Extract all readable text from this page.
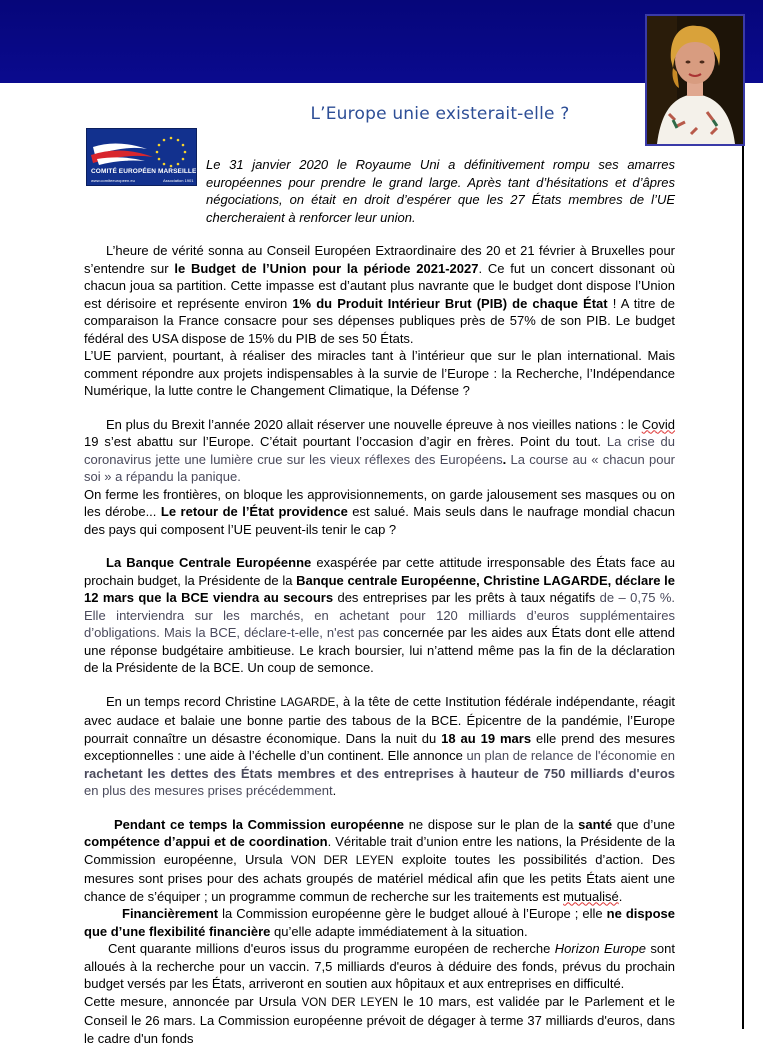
L’Europe unie existerait-elle ?
COMITÉ EUROPÉEN MARSEILLE
www.comiteeuropeen.eu	Association 1901

Le 31 janvier 2020 le Royaume Uni a définitivement rompu ses amarres européennes pour prendre le grand large. Après tant d’hésitations et d’âpres négociations, on était en droit d’espérer que les 27 États membres de l’UE chercheraient à renforcer leur union.

L’heure de vérité sonna au Conseil Européen Extraordinaire des 20 et 21 février à Bruxelles pour s’entendre sur le Budget de l’Union pour la période 2021-2027. Ce fut un concert dissonant où chacun joua sa partition. Cette impasse est d’autant plus navrante que le budget dont dispose l’Union est dérisoire et représente environ 1% du Produit Intérieur Brut (PIB) de chaque État ! A titre de comparaison la France consacre pour ses dépenses publiques près de 57% de son PIB. Le budget fédéral des USA dispose de 15% du PIB de ses 50 États.

L’UE parvient, pourtant, à réaliser des miracles tant à l’intérieur que sur le plan international. Mais comment répondre aux projets indispensables à la survie de l’Europe : la Recherche, l’Indépendance Numérique, la lutte contre le Changement Climatique, la Défense ?

En plus du Brexit l’année 2020 allait réserver une nouvelle épreuve à nos vieilles nations : le Covid 19 s’est abattu sur l’Europe. C’était pourtant l’occasion d’agir en frères. Point du tout. La crise du coronavirus jette une lumière crue sur les vieux réflexes des Européens. La course au « chacun pour soi » a répandu la panique.

On ferme les frontières, on bloque les approvisionnements, on garde jalousement ses masques ou on les dérobe... Le retour de l’État providence est salué. Mais seuls dans le naufrage mondial chacun des pays qui composent l’UE peuvent-ils tenir le cap ?

La Banque Centrale Européenne exaspérée par cette attitude irresponsable des États face au prochain budget, la Présidente de la Banque centrale Européenne, Christine LAGARDE, déclare le 12 mars que la BCE viendra au secours des entreprises par les prêts à taux négatifs de – 0,75 %. Elle interviendra sur les marchés, en achetant pour 120 milliards d’euros supplémentaires d’obligations. Mais la BCE, déclare-t-elle, n'est pas concernée par les aides aux États dont elle attend une réponse budgétaire ambitieuse. Le krach boursier, lui n’attend même pas la fin de la déclaration de la Présidente de la BCE. Un coup de semonce.

En un temps record Christine LAGARDE, à la tête de cette Institution fédérale indépendante, réagit avec audace et balaie une bonne partie des tabous de la BCE. Épicentre de la pandémie, l’Europe pourrait connaître un désastre économique. Dans la nuit du 18 au 19 mars elle prend des mesures exceptionnelles : une aide à l’échelle d’un continent. Elle annonce un plan de relance de l'économie en rachetant les dettes des États membres et des entreprises à hauteur de 750 milliards d'euros en plus des mesures prises précédemment.

Pendant ce temps la Commission européenne ne dispose sur le plan de la santé que d’une compétence d’appui et de coordination. Véritable trait d’union entre les nations, la Présidente de la Commission européenne, Ursula VON DER LEYEN exploite toutes les possibilités d’action. Des mesures sont prises pour des achats groupés de matériel médical afin que les petits États aient une chance de s’équiper ; un programme commun de recherche sur les traitements est mutualisé.

Financièrement la Commission européenne gère le budget alloué à l’Europe ; elle ne dispose que d’une flexibilité financière qu’elle adapte immédiatement à la situation.

Cent quarante millions d'euros issus du programme européen de recherche Horizon Europe sont alloués à la recherche pour un vaccin. 7,5 milliards d'euros à déduire des fonds, prévus du prochain budget versés par les États, arriveront en soutien aux hôpitaux et aux entreprises en difficulté.

Cette mesure, annoncée par Ursula VON DER LEYEN le 10 mars, est validée par le Parlement et le Conseil le 26 mars. La Commission européenne prévoit de dégager à terme 37 milliards d'euros, dans le cadre d'un fonds
